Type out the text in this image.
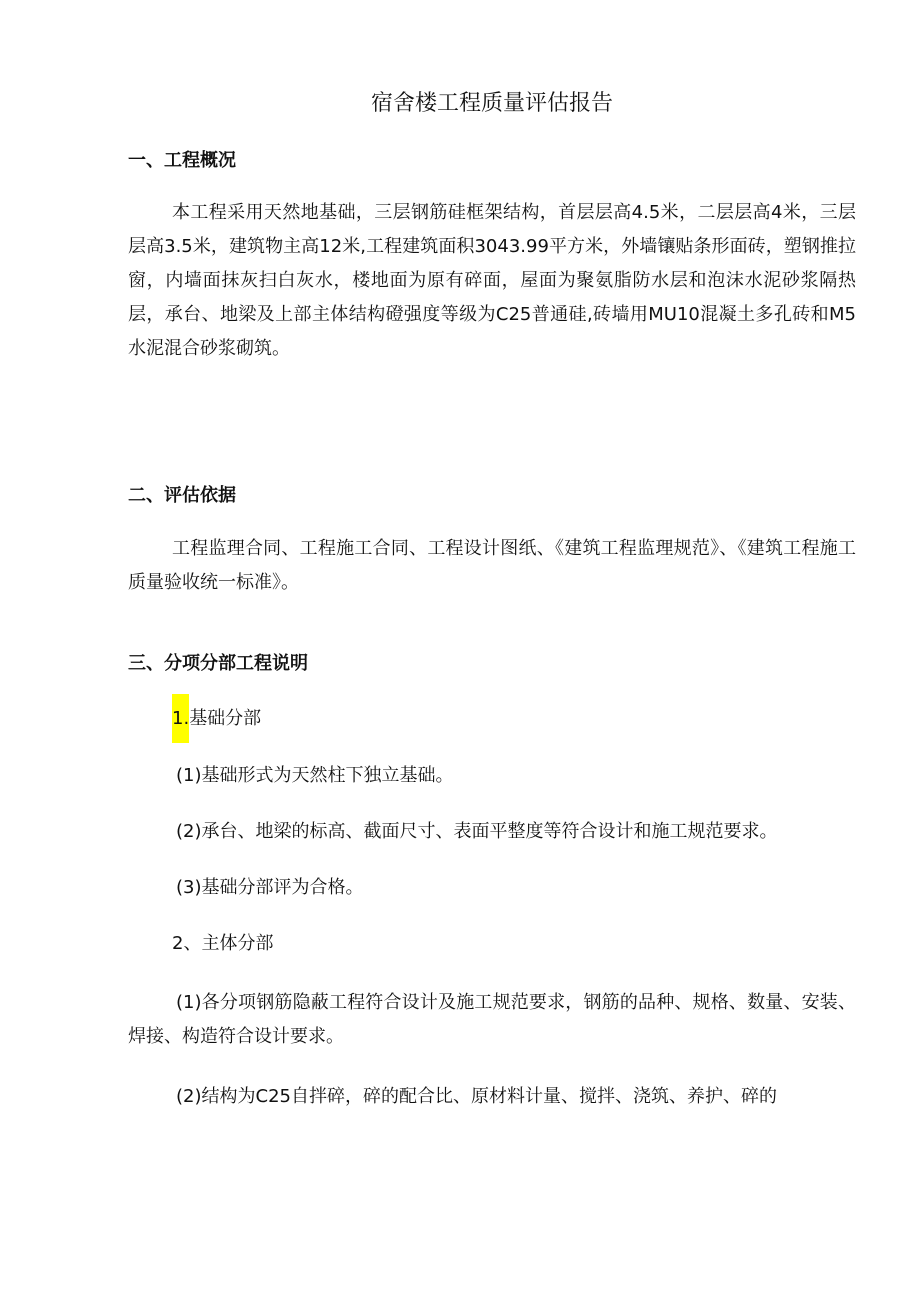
宿舍楼工程质量评估报告
一、工程概况

本工程采用天然地基础，三层钢筋硅框架结构，首层层高4.5米，二层层高4米，三层层高3.5米，建筑物主高12米,工程建筑面积3043.99平方米，外墙镶贴条形面砖，塑钢推拉窗，内墙面抹灰扫白灰水，楼地面为原有碎面，屋面为聚氨脂防水层和泡沫水泥砂浆隔热层，承台、地梁及上部主体结构磴强度等级为C25普通硅,砖墙用MU10混凝土多孔砖和M5水泥混合砂浆砌筑。

二、评估依据

工程监理合同、工程施工合同、工程设计图纸、《建筑工程监理规范》、《建筑工程施工质量验收统一标准》。

三、分项分部工程说明
1.基础分部
(1)基础形式为天然柱下独立基础。
(2)承台、地梁的标高、截面尺寸、表面平整度等符合设计和施工规范要求。
(3)基础分部评为合格。
2、主体分部

(1)各分项钢筋隐蔽工程符合设计及施工规范要求，钢筋的品种、规格、数量、安装、焊接、构造符合设计要求。

(2)结构为C25自拌碎，碎的配合比、原材料计量、搅拌、浇筑、养护、碎的
